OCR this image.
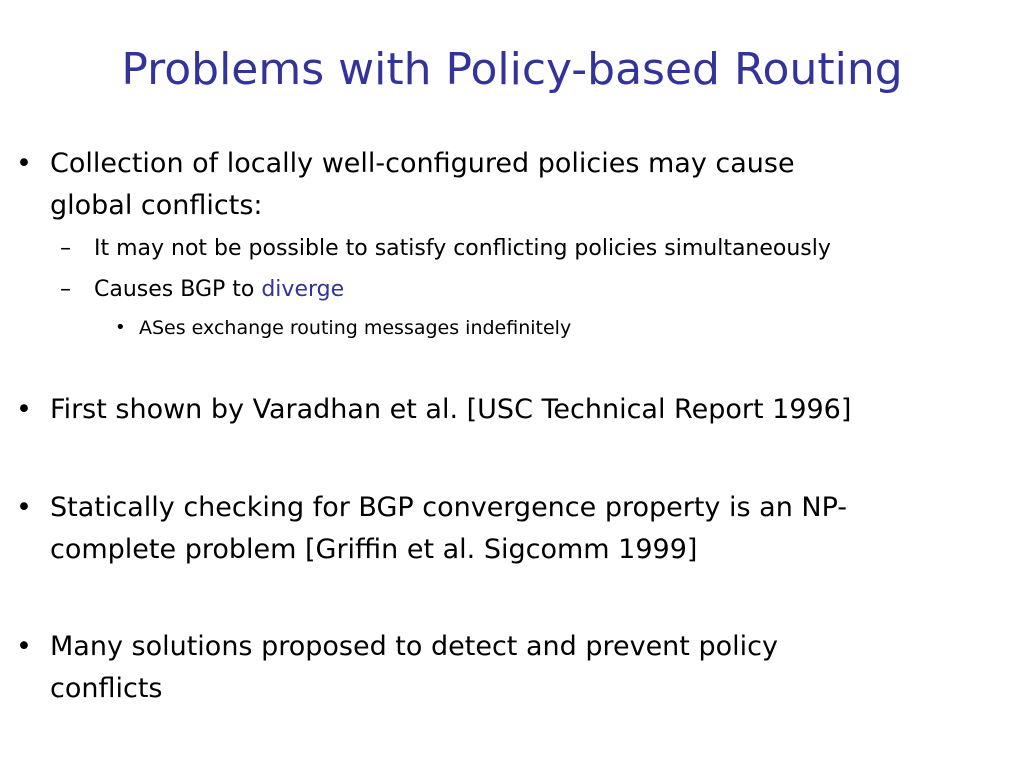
Problems with Policy-based Routing
• Collection of locally well-configured policies may cause
global conflicts:
– It may not be possible to satisfy conflicting policies simultaneously
– Causes BGP to diverge
• ASes exchange routing messages indefinitely
• First shown by Varadhan et al. [USC Technical Report 1996]
• Statically checking for BGP convergence property is an NP-
complete problem [Griffin et al. Sigcomm 1999]
• Many solutions proposed to detect and prevent policy
conflicts
